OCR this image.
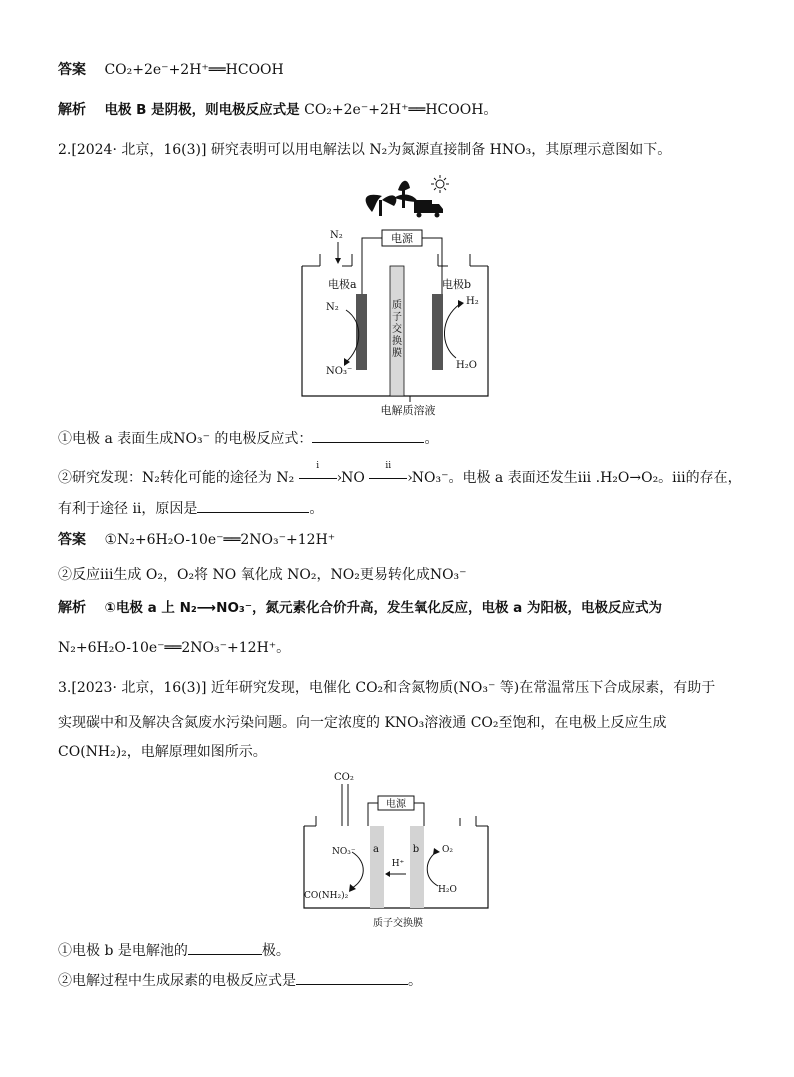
答案 CO₂+2e⁻+2H⁺══HCOOH
解析 电极 B 是阴极，则电极反应式是 CO₂+2e⁻+2H⁺══HCOOH。
2.[2024· 北京，16(3)] 研究表明可以用电解法以 N₂为氮源直接制备 HNO₃，其原理示意图如下。
电源
N₂
质子交换膜
电极a	电极b
N₂
NO₃⁻
H₂O
H₂
电解质溶液
①电极 a 表面生成NO₃⁻ 的电极反应式：	。
②研究发现：N₂转化可能的途径为 N₂
i
› NO
ii
› NO₃⁻。电极 a 表面还发生iii .H₂O→O₂。iii的存在，
有利于途径 ii，原因是	。
答案 ①N₂+6H₂O-10e⁻══2NO₃⁻+12H⁺
②反应iii生成 O₂，O₂将 NO 氧化成 NO₂，NO₂更易转化成NO₃⁻
解析 ①电极 a 上 N₂⟶NO₃⁻，氮元素化合价升高，发生氧化反应，电极 a 为阳极，电极反应式为
N₂+6H₂O-10e⁻══2NO₃⁻+12H⁺。
3.[2023· 北京，16(3)] 近年研究发现，电催化 CO₂和含氮物质(NO₃⁻ 等)在常温常压下合成尿素，有助于
实现碳中和及解决含氮废水污染问题。向一定浓度的 KNO₃溶液通 CO₂至饱和，在电极上反应生成
CO(NH₂)₂，电解原理如图所示。
CO₂
电源
a	b
H⁺
NO₃⁻
CO(NH₂)₂
O₂
H₂O
质子交换膜
①电极 b 是电解池的	极。
②电解过程中生成尿素的电极反应式是	。
